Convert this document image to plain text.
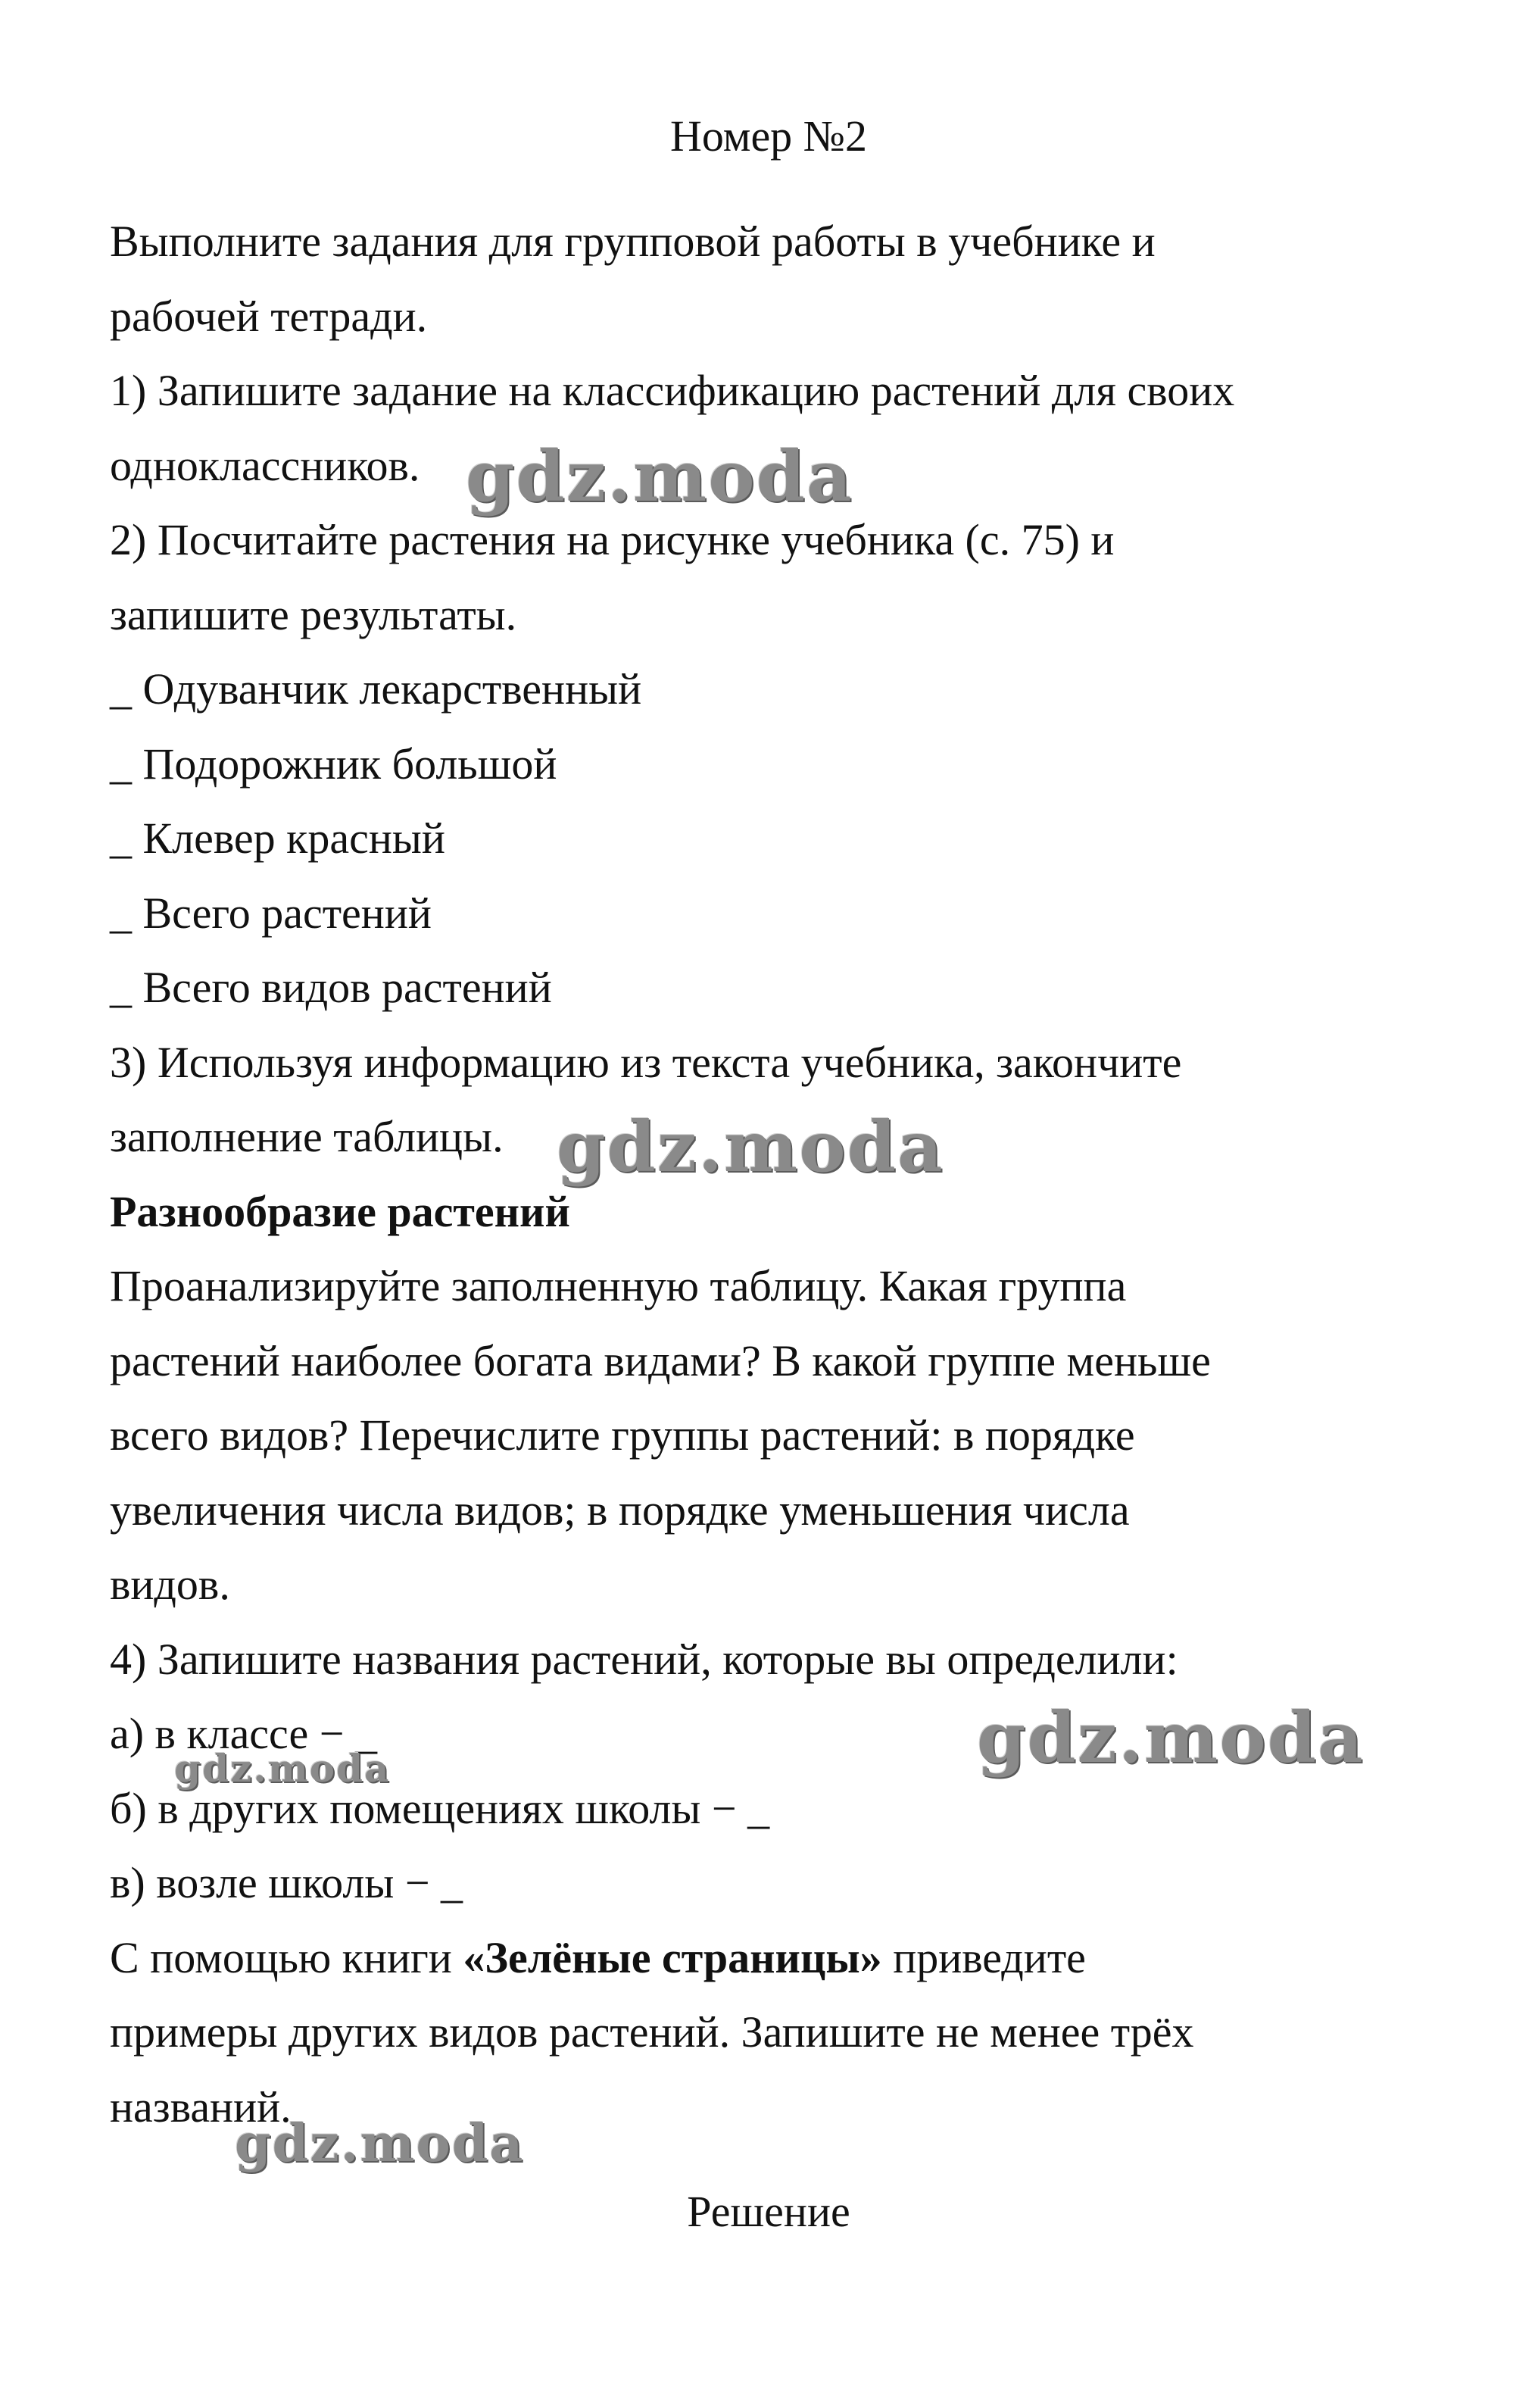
Номер №2
Выполните задания для групповой работы в учебнике и
рабочей тетради.
1) Запишите задание на классификацию растений для своих
одноклассников.
2) Посчитайте растения на рисунке учебника (с. 75) и
запишите результаты.
_ Одуванчик лекарственный
_ Подорожник большой
_ Клевер красный
_ Всего растений
_ Всего видов растений
3) Используя информацию из текста учебника, закончите
заполнение таблицы.
Разнообразие растений
Проанализируйте заполненную таблицу. Какая группа
растений наиболее богата видами? В какой группе меньше
всего видов? Перечислите группы растений: в порядке
увеличения числа видов; в порядке уменьшения числа
видов.
4) Запишите названия растений, которые вы определили:
а) в классе − _
б) в других помещениях школы − _
в) возле школы − _
С помощью книги «Зелёные страницы» приведите
примеры других видов растений. Запишите не менее трёх
названий.
Решение
gdz.moda
gdz.moda
gdz.moda
gdz.moda
gdz.moda
